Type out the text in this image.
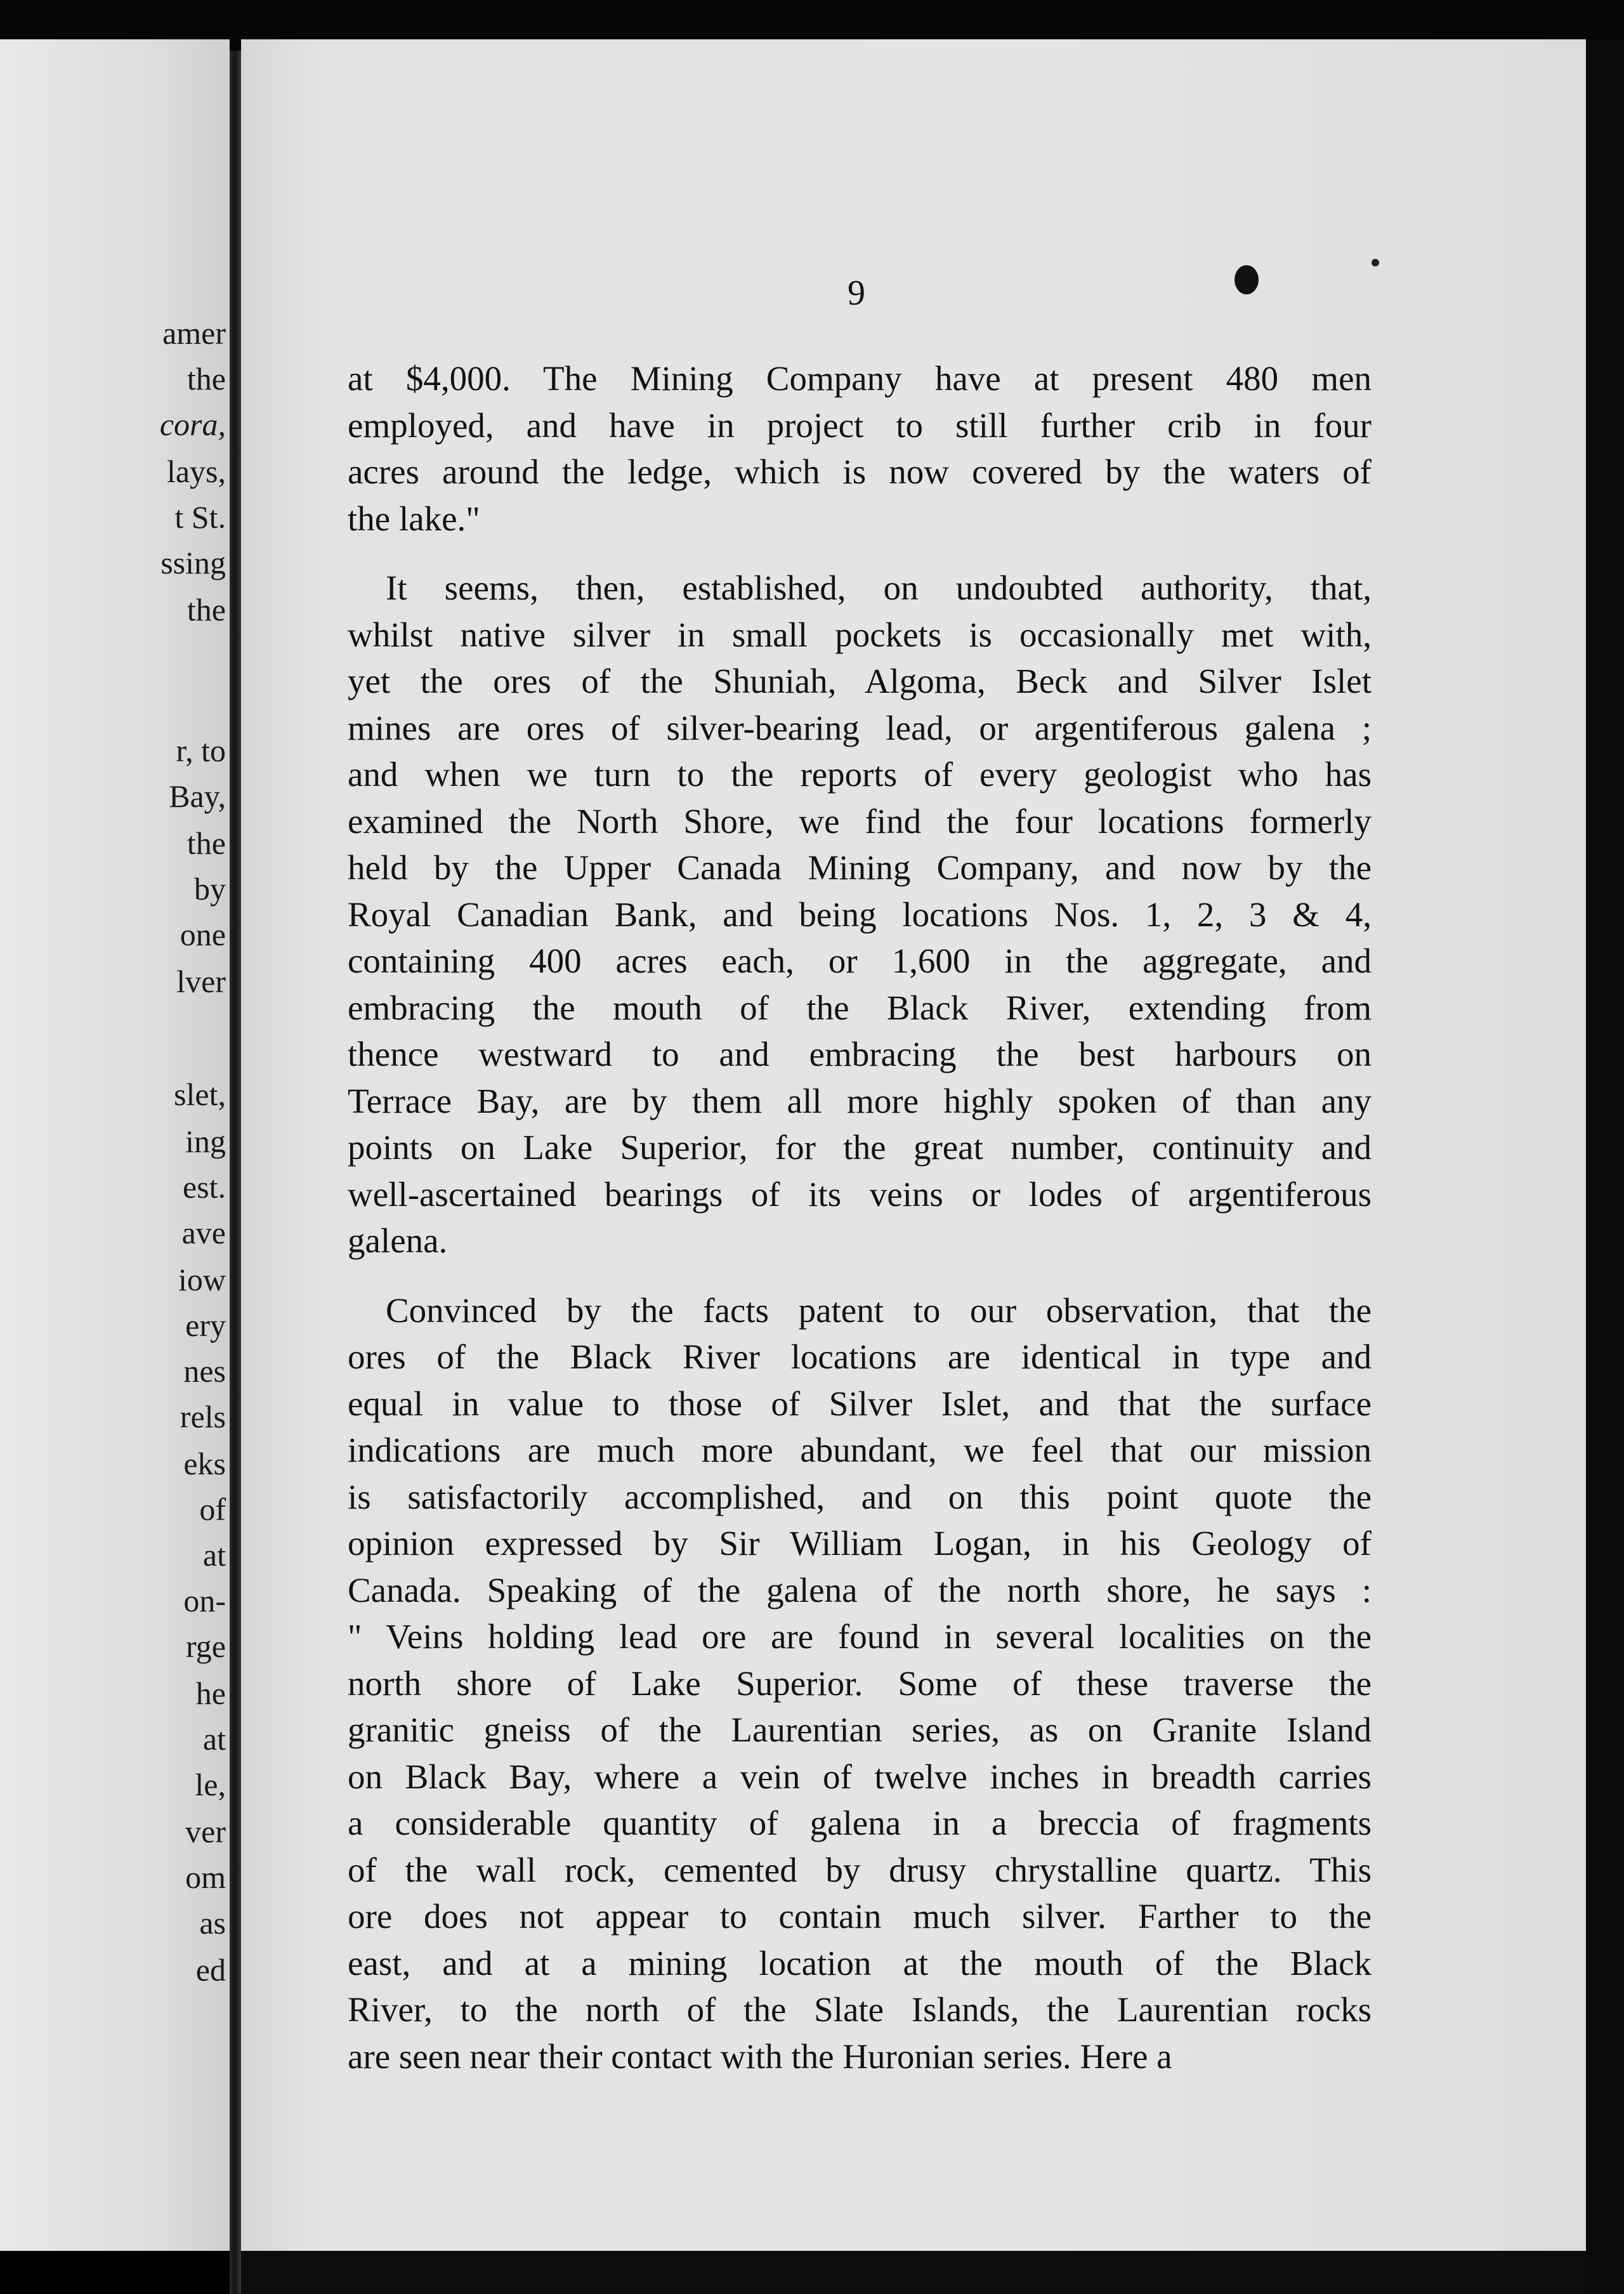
amer

the

cora,

lays,

t St.

ssing

the

r, to

Bay,

the

by

one

lver

slet,

ing

est.

ave

iow

ery

nes

rels

eks

of

at

on-

rge

he

at

le,

ver

om

as

ed

9

at $4,000. The Mining Company have at present 480 men
employed, and have in project to still further crib in four
acres around the ledge, which is now covered by the waters of
the lake."

It seems, then, established, on undoubted authority, that,
whilst native silver in small pockets is occasionally met with,
yet the ores of the Shuniah, Algoma, Beck and Silver Islet
mines are ores of silver-bearing lead, or argentiferous galena ;
and when we turn to the reports of every geologist who has
examined the North Shore, we find the four locations formerly
held by the Upper Canada Mining Company, and now by the
Royal Canadian Bank, and being locations Nos. 1, 2, 3 & 4,
containing 400 acres each, or 1,600 in the aggregate, and
embracing the mouth of the Black River, extending from
thence westward to and embracing the best harbours on
Terrace Bay, are by them all more highly spoken of than any
points on Lake Superior, for the great number, continuity and
well-ascertained bearings of its veins or lodes of argentiferous
galena.

Convinced by the facts patent to our observation, that the
ores of the Black River locations are identical in type and
equal in value to those of Silver Islet, and that the surface
indications are much more abundant, we feel that our mission
is satisfactorily accomplished, and on this point quote the
opinion expressed by Sir William Logan, in his Geology of
Canada. Speaking of the galena of the north shore, he says :
" Veins holding lead ore are found in several localities on the
north shore of Lake Superior. Some of these traverse the
granitic gneiss of the Laurentian series, as on Granite Island
on Black Bay, where a vein of twelve inches in breadth carries
a considerable quantity of galena in a breccia of fragments
of the wall rock, cemented by drusy chrystalline quartz. This
ore does not appear to contain much silver. Farther to the
east, and at a mining location at the mouth of the Black
River, to the north of the Slate Islands, the Laurentian rocks
are seen near their contact with the Huronian series. Here a
